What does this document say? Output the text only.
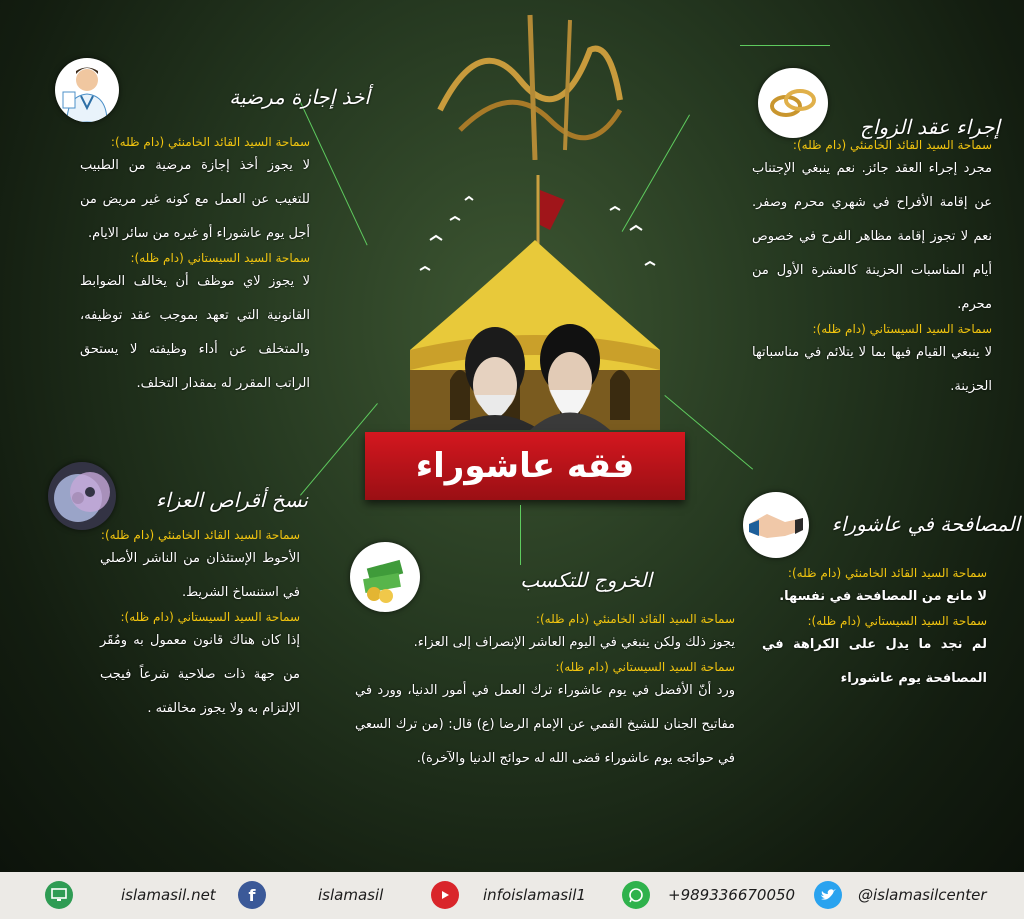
فقه عاشوراء
أخذ إجازة مرضية
سماحة السيد القائد الخامنئي (دام ظله):
لا يجوز أخذ إجازة مرضية من الطبيب للتغيب عن العمل مع كونه غير مريض من أجل يوم عاشوراء أو غيره من سائر الايام.
سماحة السيد السيستاني (دام ظله):
لا يجوز لاي موظف أن يخالف الضوابط القانونية التي تعهد بموجب عقد توظيفه، والمتخلف عن أداء وظيفته لا يستحق الراتب المقرر له بمقدار التخلف.
إجراء عقد الزواج
سماحة السيد القائد الخامنئي (دام ظله):
مجرد إجراء العقد جائز. نعم ينبغي الإجتناب عن إقامة الأفراح في شهري محرم وصفر. نعم لا تجوز إقامة مظاهر الفرح في خصوص أيام المناسبات الحزينة كالعشرة الأول من محرم.
سماحة السيد السيستاني (دام ظله):
لا ينبغي القيام فيها بما لا يتلائم في مناسباتها الحزينة.
نسخ أقراص العزاء
سماحة السيد القائد الخامنئي (دام ظله):
الأحوط الإستئذان من الناشر الأصلي في استنساخ الشريط.
سماحة السيد السيستاني (دام ظله):
إذا كان هناك قانون معمول به ومُقَر من جهة ذات صلاحية شرعاً فيجب الإلتزام به ولا يجوز مخالفته .
الخروج للتكسب
سماحة السيد القائد الخامنئي (دام ظله):
يجوز ذلك ولكن ينبغي في اليوم العاشر الإنصراف إلى العزاء.
سماحة السيد السيستاني (دام ظله):
ورد أنّ الأفضل في يوم عاشوراء ترك العمل في أمور الدنيا، وورد في مفاتيح الجنان للشيخ القمي عن الإمام الرضا (ع) قال: (من ترك السعي في حوائجه يوم عاشوراء قضى الله له حوائج الدنيا والآخرة).
المصافحة في عاشوراء
سماحة السيد القائد الخامنئي (دام ظله):
لا مانع من المصافحة في نفسها.
سماحة السيد السيستاني (دام ظله):
لم نجد ما يدل على الكراهة في المصافحة يوم عاشوراء
islamasil.net	f	islamasil	infoislamasil1	+989336670050	@islamasilcenter
